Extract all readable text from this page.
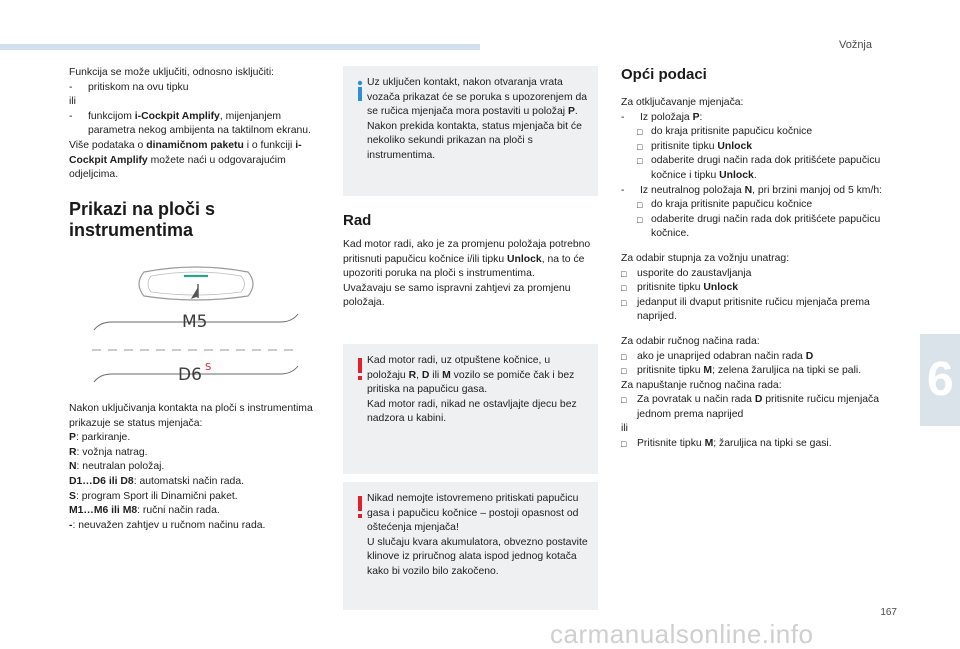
Vožnja
6
167
carmanualsonline.info

Funkcija se može uključiti, odnosno isključiti:

- pritiskom na ovu tipku

ili

- funkcijom i-Cockpit Amplify, mijenjanjem parametra nekog ambijenta na taktilnom ekranu.

Više podataka o dinamičnom paketu i o funkciji i-Cockpit Amplify možete naći u odgovarajućim odjeljcima.

Prikazi na ploči s instrumentima
M5
D6 S

Nakon uključivanja kontakta na ploči s instrumentima prikazuje se status mjenjača:

P: parkiranje.

R: vožnja natrag.

N: neutralan položaj.

D1…D6 ili D8: automatski način rada.

S: program Sport ili Dinamični paket.

M1…M6 ili M8: ručni način rada.

-: neuvažen zahtjev u ručnom načinu rada.

Uz uključen kontakt, nakon otvaranja vrata vozača prikazat će se poruka s upozorenjem da se ručica mjenjača mora postaviti u položaj P.

Nakon prekida kontakta, status mjenjača bit će nekoliko sekundi prikazan na ploči s instrumentima.

Rad

Kad motor radi, ako je za promjenu položaja potrebno pritisnuti papučicu kočnice i/ili tipku Unlock, na to će upozoriti poruka na ploči s instrumentima.

Uvažavaju se samo ispravni zahtjevi za promjenu položaja.

Kad motor radi, uz otpuštene kočnice, u položaju R, D ili M vozilo se pomiče čak i bez pritiska na papučicu gasa.

Kad motor radi, nikad ne ostavljajte djecu bez nadzora u kabini.

Nikad nemojte istovremeno pritiskati papučicu gasa i papučicu kočnice – postoji opasnost od oštećenja mjenjača!

U slučaju kvara akumulatora, obvezno postavite klinove iz priručnog alata ispod jednog kotača kako bi vozilo bilo zakočeno.

Opći podaci

Za otključavanje mjenjača:

- Iz položaja P:

□ do kraja pritisnite papučicu kočnice

□ pritisnite tipku Unlock

□ odaberite drugi način rada dok pritišćete papučicu kočnice i tipku Unlock.

- Iz neutralnog položaja N, pri brzini manjoj od 5 km/h:

□ do kraja pritisnite papučicu kočnice

□ odaberite drugi način rada dok pritišćete papučicu kočnice.

Za odabir stupnja za vožnju unatrag:

□ usporite do zaustavljanja

□ pritisnite tipku Unlock

□ jedanput ili dvaput pritisnite ručicu mjenjača prema naprijed.

Za odabir ručnog načina rada:

□ ako je unaprijed odabran način rada D

□ pritisnite tipku M; zelena žaruljica na tipki se pali.

Za napuštanje ručnog načina rada:

□ Za povratak u način rada D pritisnite ručicu mjenjača jednom prema naprijed

ili

□ Pritisnite tipku M; žaruljica na tipki se gasi.
